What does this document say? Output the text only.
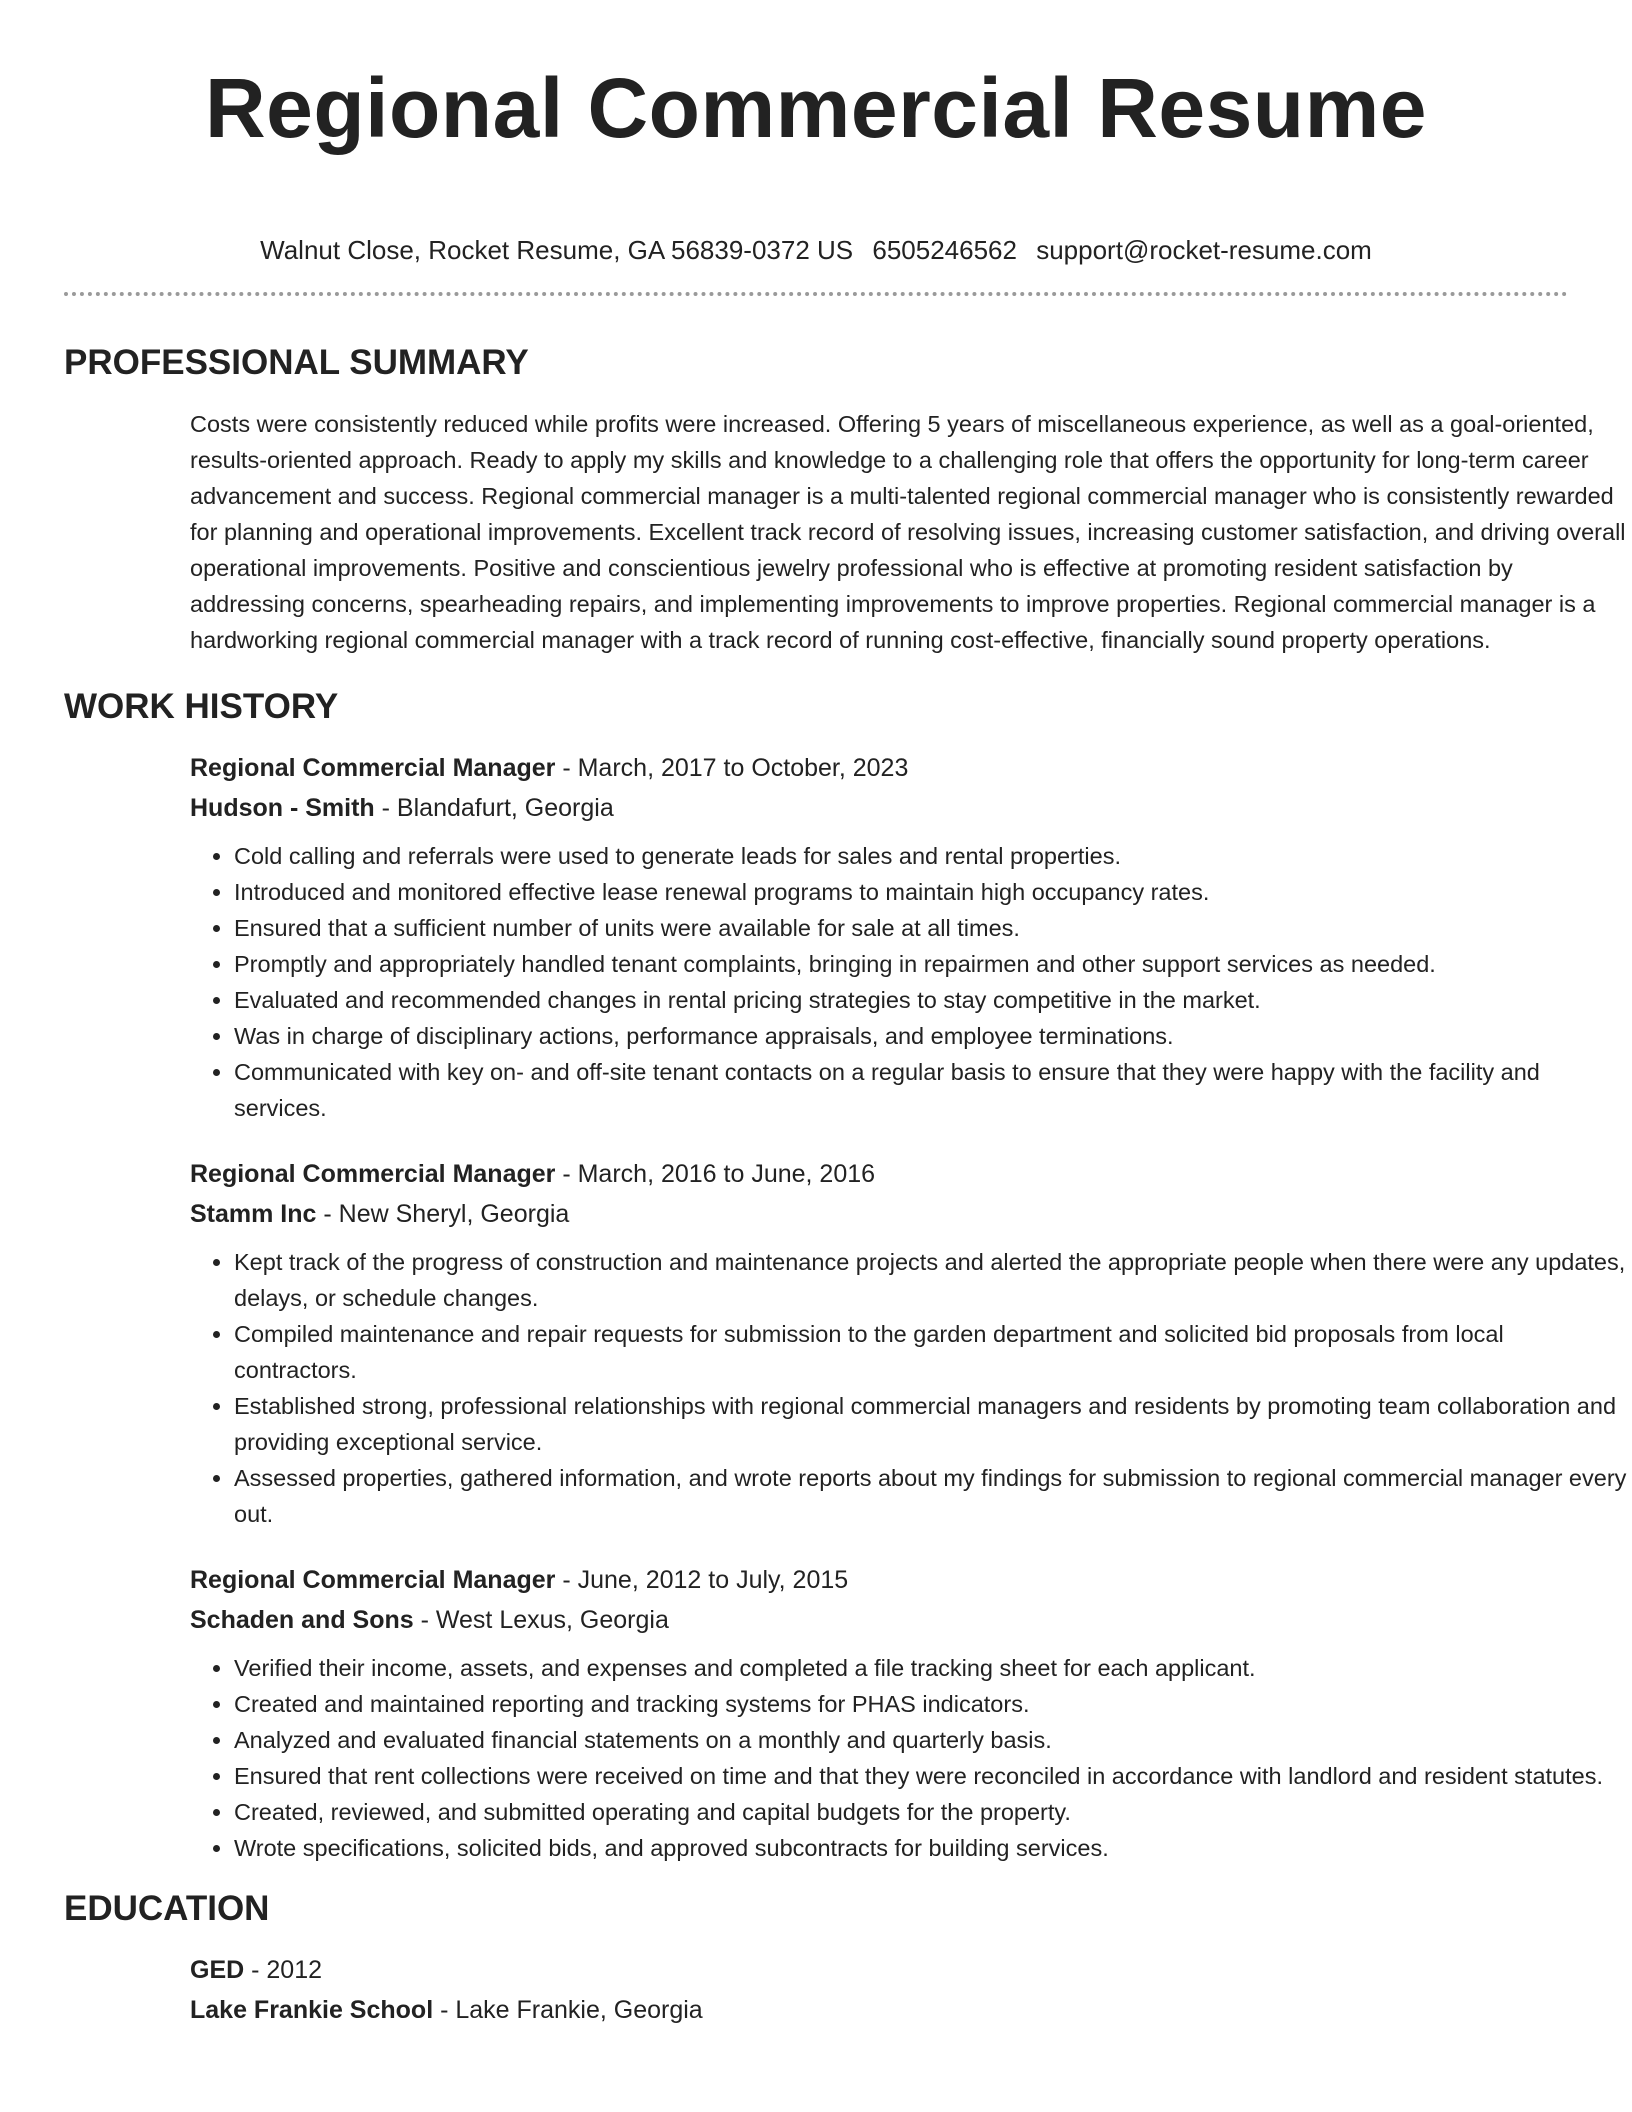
Regional Commercial Resume
Walnut Close, Rocket Resume, GA 56839-0372 US 6505246562 support@rocket-resume.com
PROFESSIONAL SUMMARY

Costs were consistently reduced while profits were increased. Offering 5 years of miscellaneous experience, as well as a goal-oriented, results-oriented approach. Ready to apply my skills and knowledge to a challenging role that offers the opportunity for long-term career advancement and success. Regional commercial manager is a multi-talented regional commercial manager who is consistently rewarded for planning and operational improvements. Excellent track record of resolving issues, increasing customer satisfaction, and driving overall operational improvements. Positive and conscientious jewelry professional who is effective at promoting resident satisfaction by addressing concerns, spearheading repairs, and implementing improvements to improve properties. Regional commercial manager is a hardworking regional commercial manager with a track record of running cost-effective, financially sound property operations.

WORK HISTORY
Regional Commercial Manager - March, 2017 to October, 2023
Hudson - Smith - Blandafurt, Georgia
• Cold calling and referrals were used to generate leads for sales and rental properties.
• Introduced and monitored effective lease renewal programs to maintain high occupancy rates.
• Ensured that a sufficient number of units were available for sale at all times.
• Promptly and appropriately handled tenant complaints, bringing in repairmen and other support services as needed.
• Evaluated and recommended changes in rental pricing strategies to stay competitive in the market.
• Was in charge of disciplinary actions, performance appraisals, and employee terminations.
• Communicated with key on- and off-site tenant contacts on a regular basis to ensure that they were happy with the facility and services.
Regional Commercial Manager - March, 2016 to June, 2016
Stamm Inc - New Sheryl, Georgia
• Kept track of the progress of construction and maintenance projects and alerted the appropriate people when there were any updates, delays, or schedule changes.
• Compiled maintenance and repair requests for submission to the garden department and solicited bid proposals from local contractors.
• Established strong, professional relationships with regional commercial managers and residents by promoting team collaboration and providing exceptional service.
• Assessed properties, gathered information, and wrote reports about my findings for submission to regional commercial manager every out.
Regional Commercial Manager - June, 2012 to July, 2015
Schaden and Sons - West Lexus, Georgia
• Verified their income, assets, and expenses and completed a file tracking sheet for each applicant.
• Created and maintained reporting and tracking systems for PHAS indicators.
• Analyzed and evaluated financial statements on a monthly and quarterly basis.
• Ensured that rent collections were received on time and that they were reconciled in accordance with landlord and resident statutes.
• Created, reviewed, and submitted operating and capital budgets for the property.
• Wrote specifications, solicited bids, and approved subcontracts for building services.
EDUCATION
GED - 2012
Lake Frankie School - Lake Frankie, Georgia
